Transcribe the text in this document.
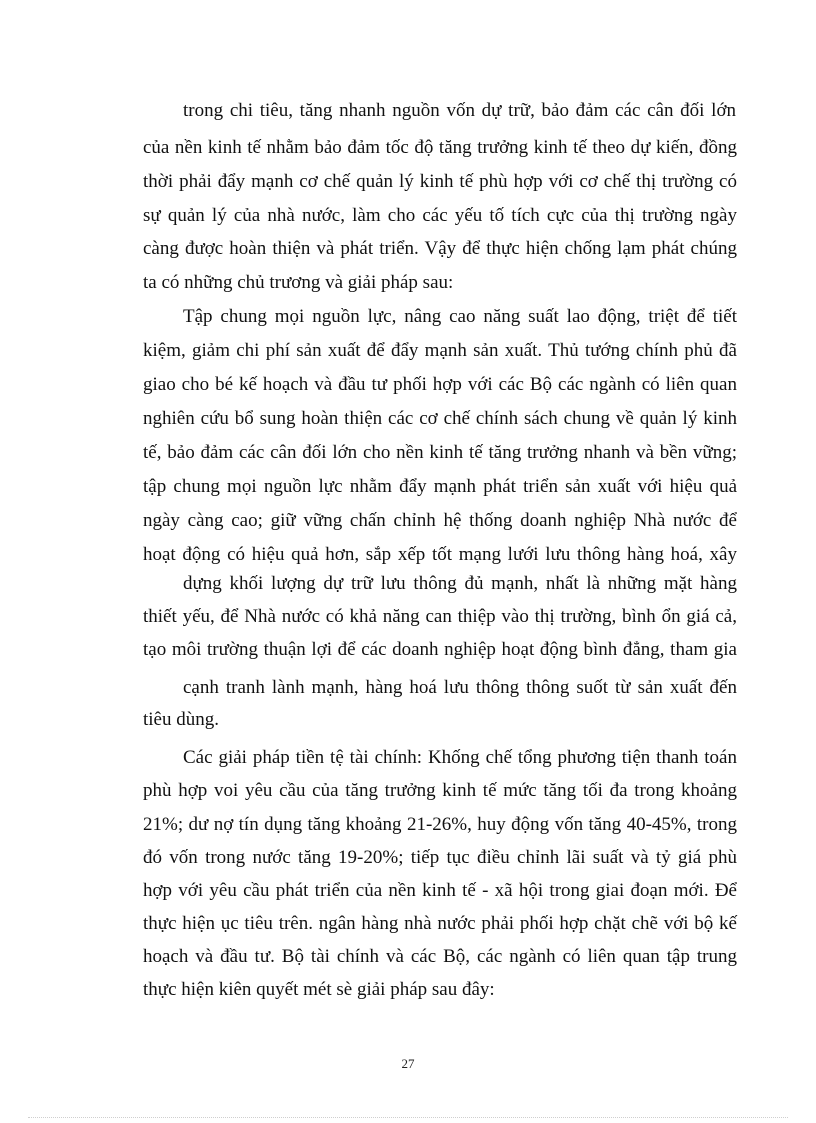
trong chi tiêu, tăng nhanh nguồn vốn dự trữ, bảo đảm các cân đối lớn
của nền kinh tế nhằm bảo đảm tốc độ tăng trưởng kinh tế theo dự kiến, đồng
thời phải đẩy mạnh cơ chế quản lý kinh tế phù hợp với cơ chế thị trường có
sự quản lý của nhà nước, làm cho các yếu tố tích cực của thị trường ngày
càng được hoàn thiện và phát triển. Vậy để thực hiện chống lạm phát chúng
ta có những chủ trương và giải pháp sau:
Tập chung mọi nguồn lực, nâng cao năng suất lao động, triệt để tiết
kiệm, giảm chi phí sản xuất để đẩy mạnh sản xuất. Thủ tướng chính phủ đã
giao cho bé kế hoạch và đầu tư phối hợp với các Bộ các ngành có liên quan
nghiên cứu bổ sung hoàn thiện các cơ chế chính sách chung về quản lý kinh
tế, bảo đảm các cân đối lớn cho nền kinh tế tăng trưởng nhanh và bền vững;
tập chung mọi nguồn lực nhằm đẩy mạnh phát triển sản xuất với hiệu quả
ngày càng cao; giữ vững chấn chỉnh hệ thống doanh nghiệp Nhà nước để
hoạt động có hiệu quả hơn, sắp xếp tốt mạng lưới lưu thông hàng hoá, xây
dựng khối lượng dự trữ lưu thông đủ mạnh, nhất là những mặt hàng
thiết yếu, để Nhà nước có khả năng can thiệp vào thị trường, bình ổn giá cả,
tạo môi trường thuận lợi để các doanh nghiệp hoạt động bình đẳng, tham gia
cạnh tranh lành mạnh, hàng hoá lưu thông thông suốt từ sản xuất đến
tiêu dùng.
Các giải pháp tiền tệ tài chính: Khống chế tổng phương tiện thanh toán
phù hợp voi yêu cầu của tăng trưởng kinh tế mức tăng tối đa trong khoảng
21%; dư nợ tín dụng tăng khoảng 21-26%, huy động vốn tăng 40-45%, trong
đó vốn trong nước tăng 19-20%; tiếp tục điều chỉnh lãi suất và tỷ giá phù
hợp với yêu cầu phát triển của nền kinh tế - xã hội trong giai đoạn mới. Để
thực hiện ục tiêu trên. ngân hàng nhà nước phải phối hợp chặt chẽ với bộ kế
hoạch và đầu tư. Bộ tài chính và các Bộ, các ngành có liên quan tập trung
thực hiện kiên quyết mét sè giải pháp sau đây:
27
